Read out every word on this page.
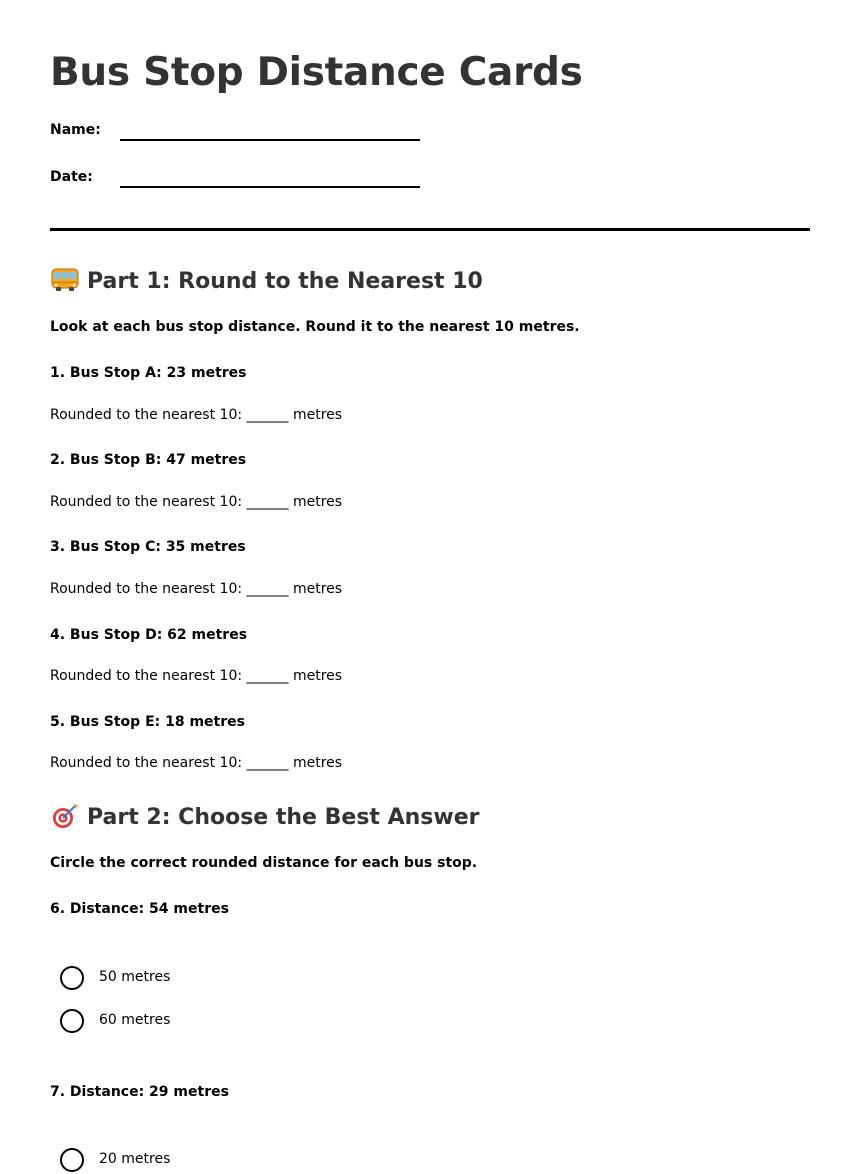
Bus Stop Distance Cards
Name:
Date:
Part 1: Round to the Nearest 10
Look at each bus stop distance. Round it to the nearest 10 metres.
1. Bus Stop A: 23 metres
Rounded to the nearest 10: ______ metres
2. Bus Stop B: 47 metres
Rounded to the nearest 10: ______ metres
3. Bus Stop C: 35 metres
Rounded to the nearest 10: ______ metres
4. Bus Stop D: 62 metres
Rounded to the nearest 10: ______ metres
5. Bus Stop E: 18 metres
Rounded to the nearest 10: ______ metres
Part 2: Choose the Best Answer
Circle the correct rounded distance for each bus stop.
6. Distance: 54 metres
50 metres
60 metres
7. Distance: 29 metres
20 metres
